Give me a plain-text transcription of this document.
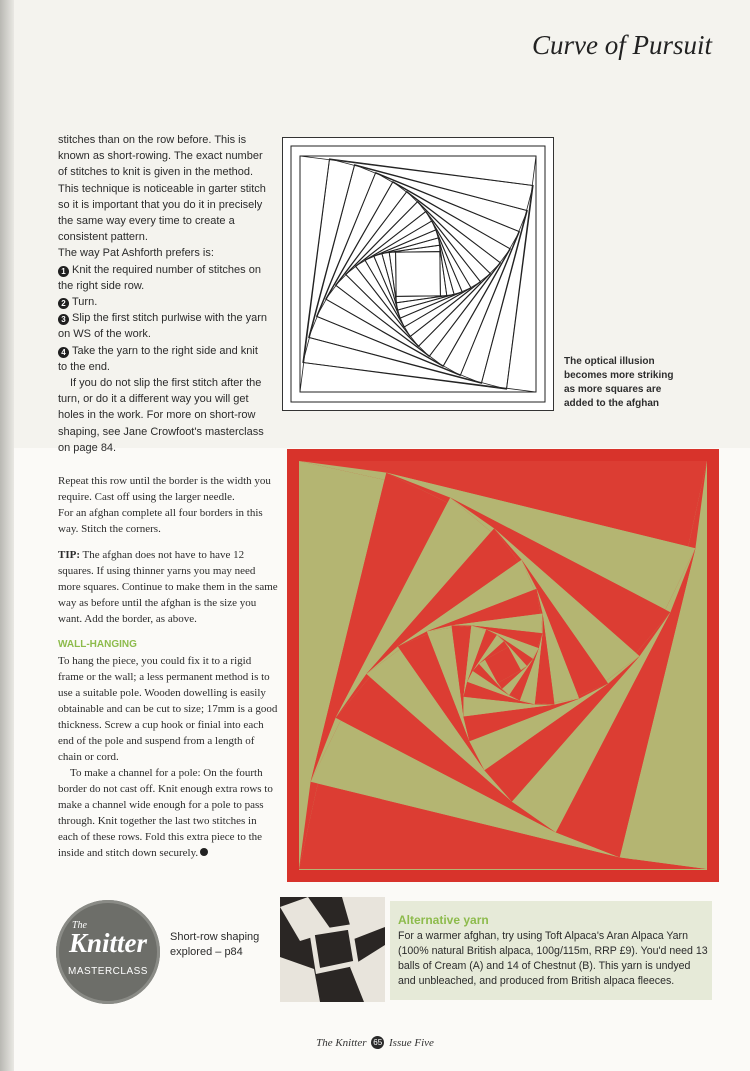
Curve of Pursuit

stitches than on the row before. This is known as short-rowing. The exact number of stitches to knit is given in the method. This technique is noticeable in garter stitch so it is important that you do it in precisely the same way every time to create a consistent pattern.

The way Pat Ashforth prefers is:

1 Knit the required number of stitches on the right side row.

2 Turn.

3 Slip the first stitch purlwise with the yarn on WS of the work.

4 Take the yarn to the right side and knit to the end.

If you do not slip the first stitch after the turn, or do it a different way you will get holes in the work. For more on short-row shaping, see Jane Crowfoot's masterclass on page 84.

The optical illusion becomes more striking as more squares are added to the afghan

Repeat this row until the border is the width you require. Cast off using the larger needle.

For an afghan complete all four borders in this way. Stitch the corners.

TIP: The afghan does not have to have 12 squares. If using thinner yarns you may need more squares. Continue to make them in the same way as before until the afghan is the size you want. Add the border, as above.

WALL-HANGING

To hang the piece, you could fix it to a rigid frame or the wall; a less permanent method is to use a suitable pole. Wooden dowelling is easily obtainable and can be cut to size; 17mm is a good thickness. Screw a cup hook or finial into each end of the pole and suspend from a length of chain or cord.

To make a channel for a pole: On the fourth border do not cast off. Knit enough extra rows to make a channel wide enough for a pole to pass through. Knit together the last two stitches in each of these rows. Fold this extra piece to the inside and stitch down securely.

The
Knitter
MASTERCLASS
Short-row shaping explored – p84
Alternative yarn
For a warmer afghan, try using Toft Alpaca's Aran Alpaca Yarn (100% natural British alpaca, 100g/115m, RRP £9). You'd need 13 balls of Cream (A) and 14 of Chestnut (B). This yarn is undyed and unbleached, and produced from British alpaca fleeces.
The Knitter 65 Issue Five
